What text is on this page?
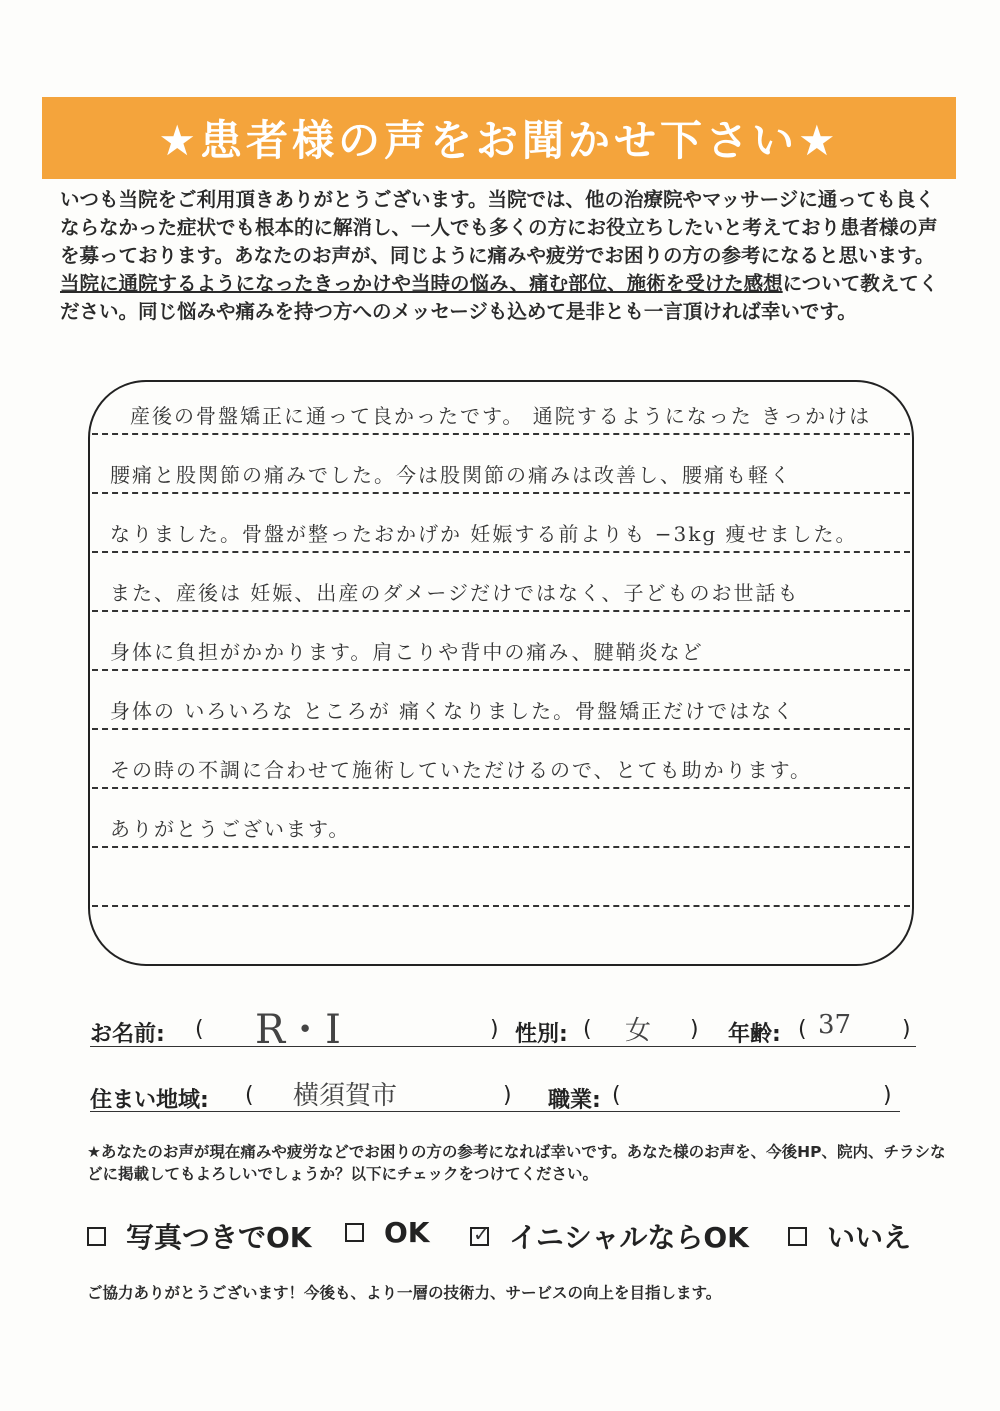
★患者様の声をお聞かせ下さい★
いつも当院をご利用頂きありがとうございます。当院では、他の治療院やマッサージに通っても良くならなかった症状でも根本的に解消し、一人でも多くの方にお役立ちしたいと考えており患者様の声を募っております。あなたのお声が、同じように痛みや疲労でお困りの方の参考になると思います。当院に通院するようになったきっかけや当時の悩み、痛む部位、施術を受けた感想について教えてください。同じ悩みや痛みを持つ方へのメッセージも込めて是非とも一言頂ければ幸いです。
産後の骨盤矯正に通って良かったです。 通院するようになった きっかけは
腰痛と股関節の痛みでした。今は股関節の痛みは改善し、腰痛も軽く
なりました。骨盤が整ったおかげか 妊娠する前よりも −3kg 痩せました。
また、産後は 妊娠、出産のダメージだけではなく、子どものお世話も
身体に負担がかかります。肩こりや背中の痛み、腱鞘炎など
身体の いろいろな ところが 痛くなりました。骨盤矯正だけではなく
その時の不調に合わせて施術していただけるので、とても助かります。
ありがとうございます。
お名前: ( R・I	) 性別: ( 女 ) 年齢: ( 37 )
住まい地域: ( 横須賀市	) 職業: (	)
★あなたのお声が現在痛みや疲労などでお困りの方の参考になれば幸いです。あなた様のお声を、今後HP、院内、チラシなどに掲載してもよろしいでしょうか？以下にチェックをつけてください。
写真つきでOK	OK ✓ イニシャルならOK	いいえ
ご協力ありがとうございます！今後も、より一層の技術力、サービスの向上を目指します。
